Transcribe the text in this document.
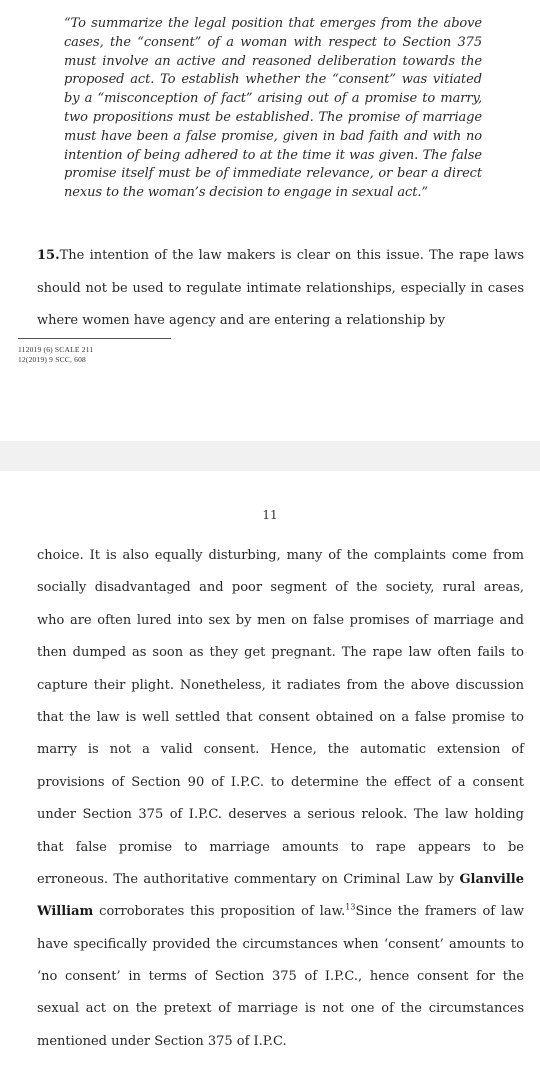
“To summarize the legal position that emerges from the above cases, the “consent” of a woman with respect to Section 375 must involve an active and reasoned deliberation towards the proposed act. To establish whether the “consent” was vitiated by a “misconception of fact” arising out of a promise to marry, two propositions must be established. The promise of marriage must have been a false promise, given in bad faith and with no intention of being adhered to at the time it was given. The false promise itself must be of immediate relevance, or bear a direct nexus to the woman’s decision to engage in sexual act.”

15.The intention of the law makers is clear on this issue. The rape laws should not be used to regulate intimate relationships, especially in cases where women have agency and are entering a relationship by

112019 (6) SCALE 211
12(2019) 9 SCC, 608
11
choice. It is also equally disturbing, many of the complaints come from
socially disadvantaged and poor segment of the society, rural areas,
who are often lured into sex by men on false promises of marriage and
then dumped as soon as they get pregnant. The rape law often fails to
capture their plight. Nonetheless, it radiates from the above discussion
that the law is well settled that consent obtained on a false promise to
marry is not a valid consent. Hence, the automatic extension of
provisions of Section 90 of I.P.C. to determine the effect of a consent
under Section 375 of I.P.C. deserves a serious relook. The law holding
that false promise to marriage amounts to rape appears to be
erroneous. The authoritative commentary on Criminal Law by Glanville
William corroborates this proposition of law.$^{13}$Since the framers of law
have specifically provided the circumstances when ‘consent’ amounts to
‘no consent’ in terms of Section 375 of I.P.C., hence consent for the
sexual act on the pretext of marriage is not one of the circumstances
mentioned under Section 375 of I.P.C.
